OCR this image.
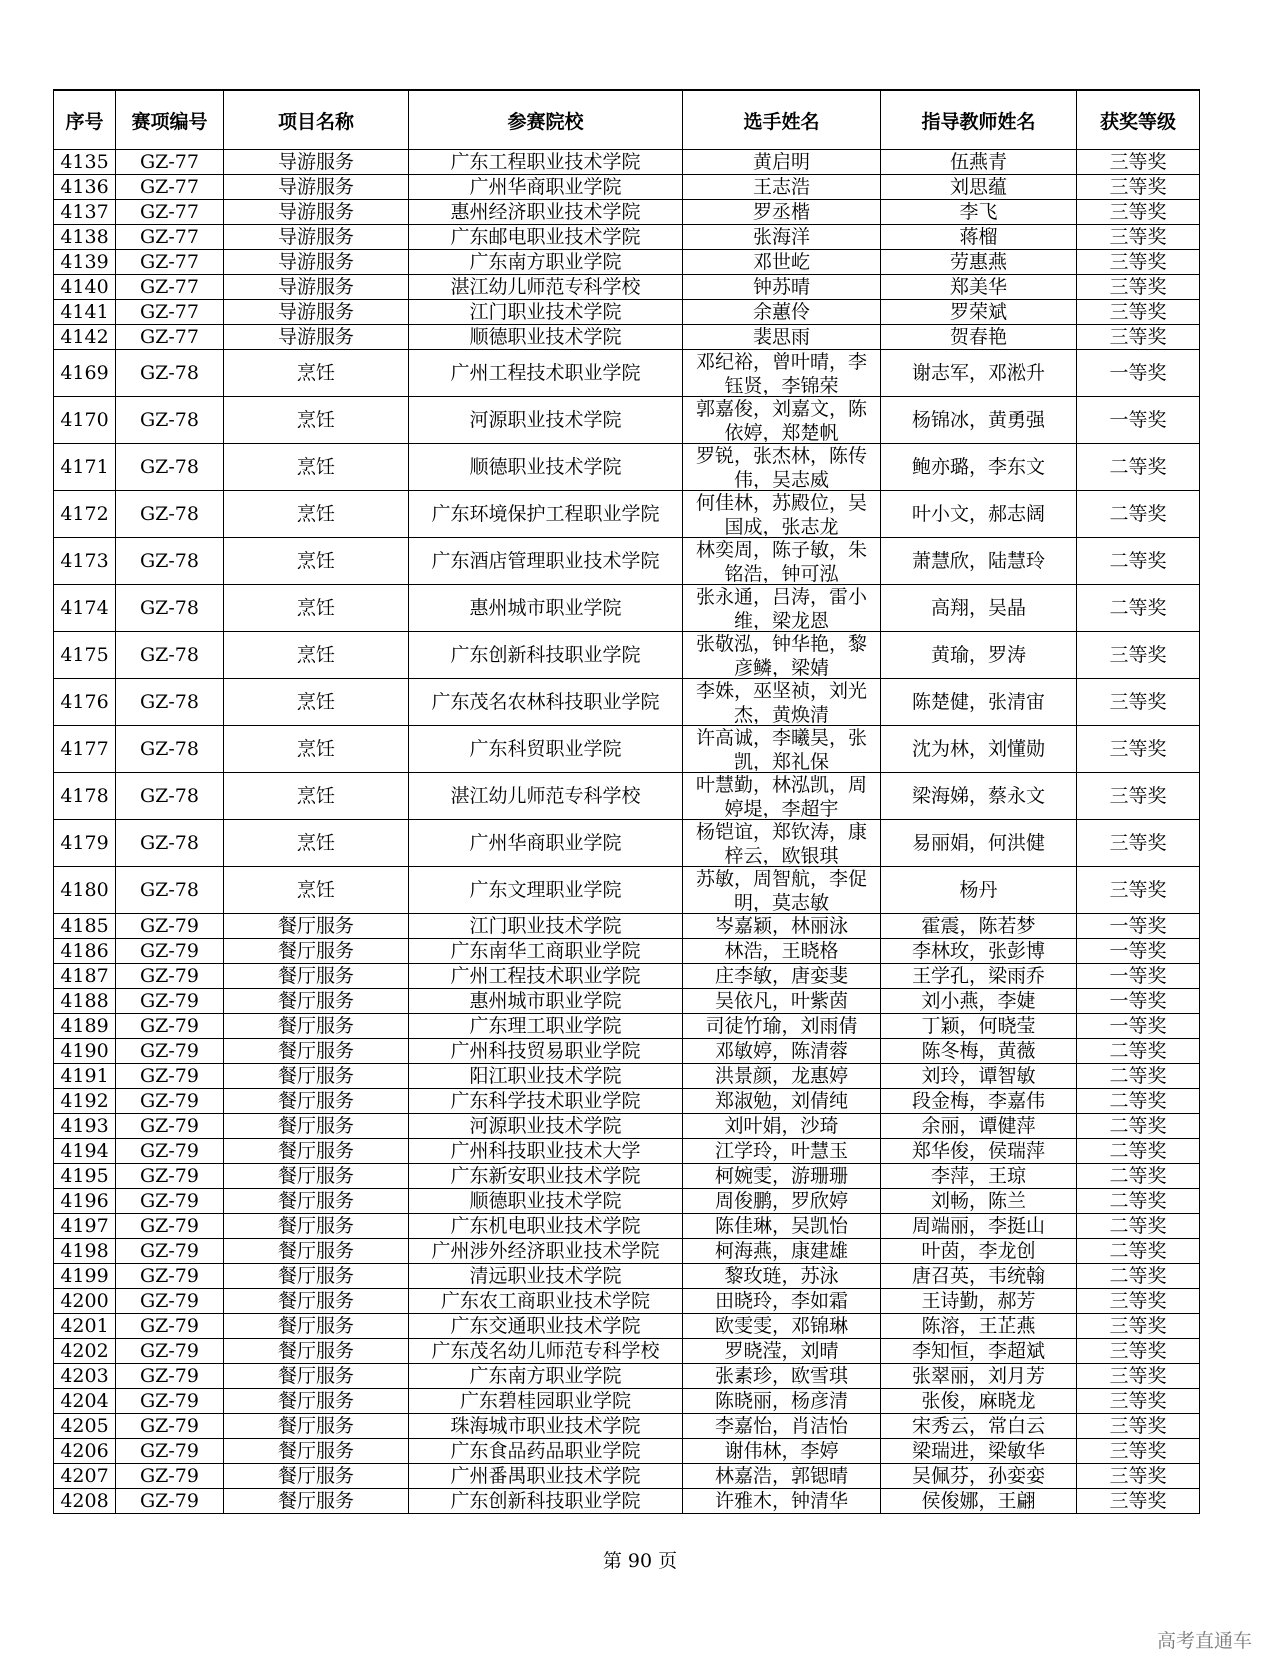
序号	赛项编号	项目名称	参赛院校	选手姓名	指导教师姓名	获奖等级
4135	GZ-77	导游服务	广东工程职业技术学院	黄启明	伍燕青	三等奖
4136	GZ-77	导游服务	广州华商职业学院	王志浩	刘思蕴	三等奖
4137	GZ-77	导游服务	惠州经济职业技术学院	罗丞楷	李飞	三等奖
4138	GZ-77	导游服务	广东邮电职业技术学院	张海洋	蒋榴	三等奖
4139	GZ-77	导游服务	广东南方职业学院	邓世屹	劳惠燕	三等奖
4140	GZ-77	导游服务	湛江幼儿师范专科学校	钟苏晴	郑美华	三等奖
4141	GZ-77	导游服务	江门职业技术学院	余蕙伶	罗荣斌	三等奖
4142	GZ-77	导游服务	顺德职业技术学院	裴思雨	贺春艳	三等奖
4169	GZ-78	烹饪	广州工程技术职业学院	邓纪裕，曾叶晴，李钰贤，李锦荣	谢志军，邓淞升	一等奖
4170	GZ-78	烹饪	河源职业技术学院	郭嘉俊，刘嘉文，陈依婷，郑楚帆	杨锦冰，黄勇强	一等奖
4171	GZ-78	烹饪	顺德职业技术学院	罗锐，张杰林，陈传伟，吴志威	鲍亦璐，李东文	二等奖
4172	GZ-78	烹饪	广东环境保护工程职业学院	何佳林，苏殿位，吴国成，张志龙	叶小文，郝志阔	二等奖
4173	GZ-78	烹饪	广东酒店管理职业技术学院	林奕周，陈子敏，朱铭浩，钟可泓	萧慧欣，陆慧玲	二等奖
4174	GZ-78	烹饪	惠州城市职业学院	张永通，吕涛，雷小维，梁龙恩	高翔，吴晶	二等奖
4175	GZ-78	烹饪	广东创新科技职业学院	张敬泓，钟华艳，黎彦鳞，梁婧	黄瑜，罗涛	三等奖
4176	GZ-78	烹饪	广东茂名农林科技职业学院	李姝，巫坚祯，刘光杰，黄焕清	陈楚健，张清宙	三等奖
4177	GZ-78	烹饪	广东科贸职业学院	许高诚，李曦昊，张凯，郑礼保	沈为林，刘懂勋	三等奖
4178	GZ-78	烹饪	湛江幼儿师范专科学校	叶慧勤，林泓凯，周婷堤，李超宇	梁海娣，蔡永文	三等奖
4179	GZ-78	烹饪	广州华商职业学院	杨铠谊，郑钦涛，康梓云，欧银琪	易丽娟，何洪健	三等奖
4180	GZ-78	烹饪	广东文理职业学院	苏敏，周智航，李促明，莫志敏	杨丹	三等奖
4185	GZ-79	餐厅服务	江门职业技术学院	岑嘉颖，林丽泳	霍震，陈若梦	一等奖
4186	GZ-79	餐厅服务	广东南华工商职业学院	林浩，王晓格	李林玫，张彭博	一等奖
4187	GZ-79	餐厅服务	广州工程技术职业学院	庄李敏，唐娈斐	王学孔，梁雨乔	一等奖
4188	GZ-79	餐厅服务	惠州城市职业学院	吴依凡，叶紫茵	刘小燕，李婕	一等奖
4189	GZ-79	餐厅服务	广东理工职业学院	司徒竹瑜，刘雨倩	丁颖，何晓莹	一等奖
4190	GZ-79	餐厅服务	广州科技贸易职业学院	邓敏婷，陈清蓉	陈冬梅，黄薇	二等奖
4191	GZ-79	餐厅服务	阳江职业技术学院	洪景颜，龙惠婷	刘玲，谭智敏	二等奖
4192	GZ-79	餐厅服务	广东科学技术职业学院	郑淑勉，刘倩纯	段金梅，李嘉伟	二等奖
4193	GZ-79	餐厅服务	河源职业技术学院	刘叶娟，沙琦	余丽，谭健萍	二等奖
4194	GZ-79	餐厅服务	广州科技职业技术大学	江学玲，叶慧玉	郑华俊，侯瑞萍	二等奖
4195	GZ-79	餐厅服务	广东新安职业技术学院	柯婉雯，游珊珊	李萍，王琼	二等奖
4196	GZ-79	餐厅服务	顺德职业技术学院	周俊鹏，罗欣婷	刘畅，陈兰	二等奖
4197	GZ-79	餐厅服务	广东机电职业技术学院	陈佳琳，吴凯怡	周端丽，李挺山	二等奖
4198	GZ-79	餐厅服务	广州涉外经济职业技术学院	柯海燕，康建雄	叶茵，李龙创	二等奖
4199	GZ-79	餐厅服务	清远职业技术学院	黎玫琏，苏泳	唐召英，韦统翰	二等奖
4200	GZ-79	餐厅服务	广东农工商职业技术学院	田晓玲，李如霜	王诗勤，郝芳	三等奖
4201	GZ-79	餐厅服务	广东交通职业技术学院	欧雯雯，邓锦琳	陈溶，王芷燕	三等奖
4202	GZ-79	餐厅服务	广东茂名幼儿师范专科学校	罗晓滢，刘晴	李知恒，李超斌	三等奖
4203	GZ-79	餐厅服务	广东南方职业学院	张素珍，欧雪琪	张翠丽，刘月芳	三等奖
4204	GZ-79	餐厅服务	广东碧桂园职业学院	陈晓丽，杨彦清	张俊，麻晓龙	三等奖
4205	GZ-79	餐厅服务	珠海城市职业技术学院	李嘉怡，肖洁怡	宋秀云，常白云	三等奖
4206	GZ-79	餐厅服务	广东食品药品职业学院	谢伟林，李婷	梁瑞进，梁敏华	三等奖
4207	GZ-79	餐厅服务	广州番禺职业技术学院	林嘉浩，郭锶晴	吴佩芬，孙娈娈	三等奖
4208	GZ-79	餐厅服务	广东创新科技职业学院	许雅木，钟清华	侯俊娜，王翩	三等奖
第 90 页
高考直通车
